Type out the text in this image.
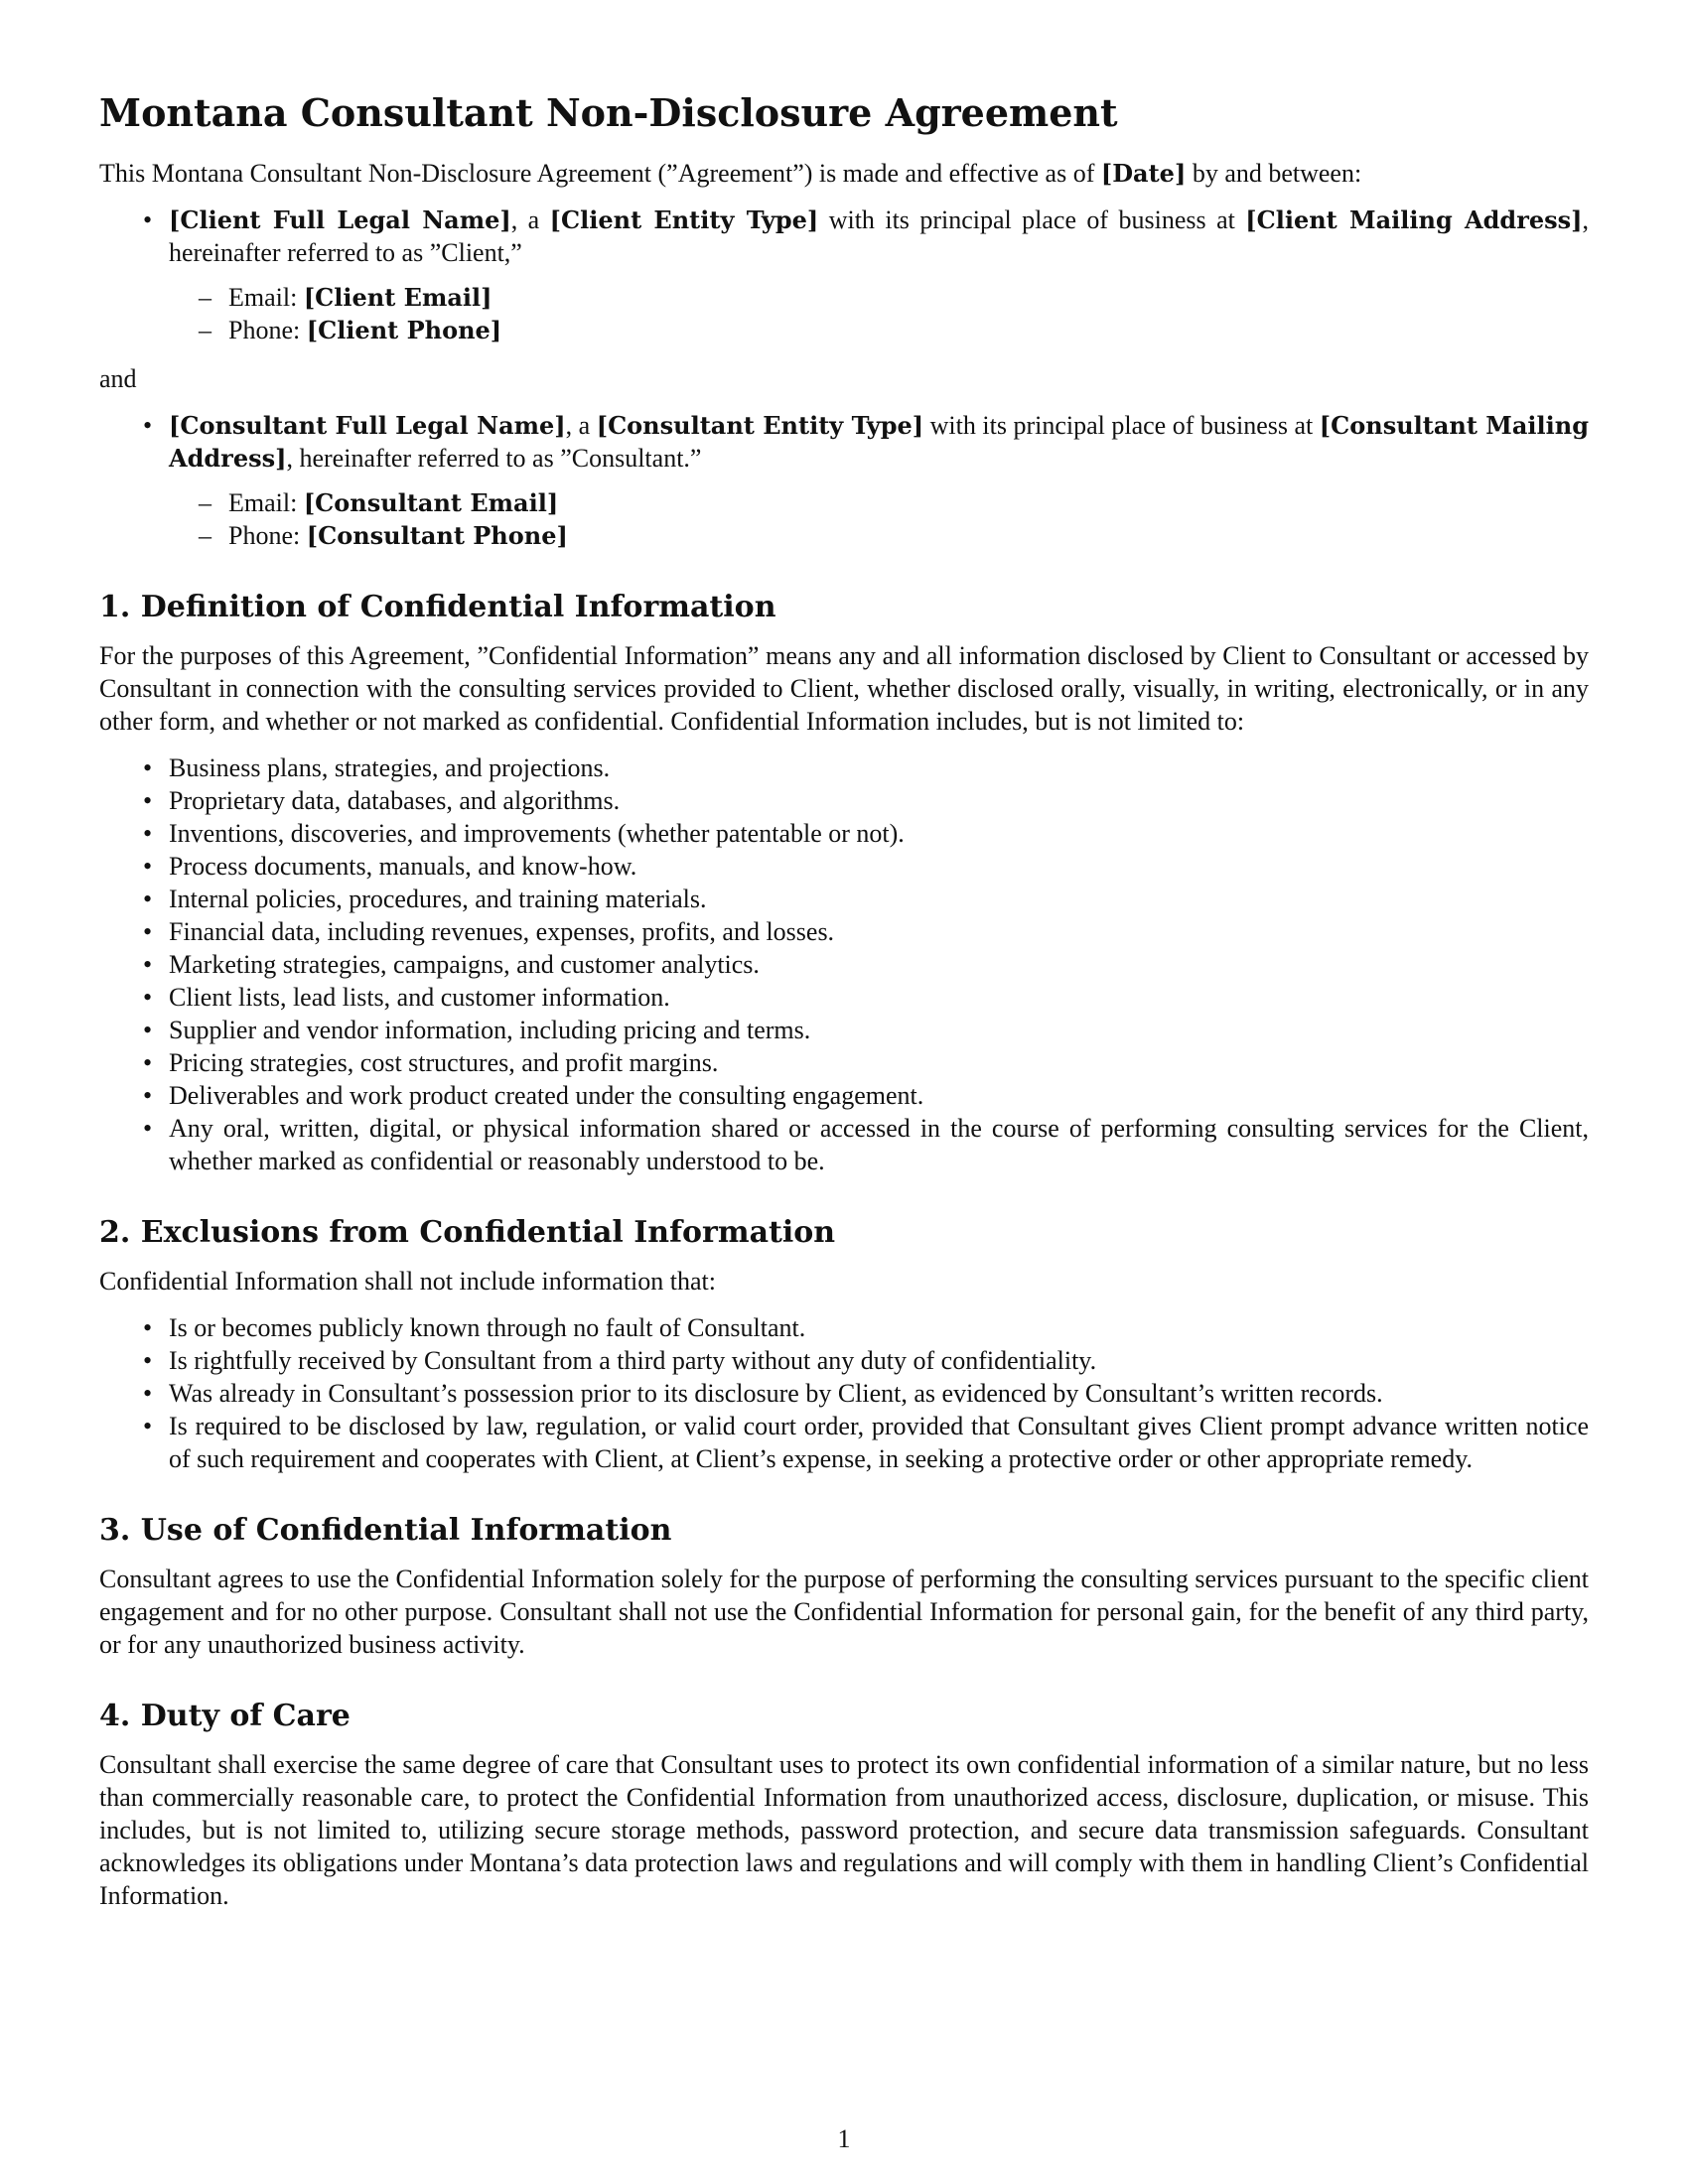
Montana Consultant Non-Disclosure Agreement

This Montana Consultant Non-Disclosure Agreement (”Agreement”) is made and effective as of [Date] by and between:

• [Client Full Legal Name], a [Client Entity Type] with its principal place of business at [Client Mailing Address], hereinafter referred to as ”Client,”
– Email: [Client Email]
– Phone: [Client Phone]

and

• [Consultant Full Legal Name], a [Consultant Entity Type] with its principal place of business at [Consultant Mailing Address], hereinafter referred to as ”Consultant.”
– Email: [Consultant Email]
– Phone: [Consultant Phone]
1. Definition of Confidential Information

For the purposes of this Agreement, ”Confidential Information” means any and all information disclosed by Client to Consultant or accessed by Consultant in connection with the consulting services provided to Client, whether disclosed orally, visually, in writing, electronically, or in any other form, and whether or not marked as confidential. Confidential Information includes, but is not limited to:

• Business plans, strategies, and projections.
• Proprietary data, databases, and algorithms.
• Inventions, discoveries, and improvements (whether patentable or not).
• Process documents, manuals, and know-how.
• Internal policies, procedures, and training materials.
• Financial data, including revenues, expenses, profits, and losses.
• Marketing strategies, campaigns, and customer analytics.
• Client lists, lead lists, and customer information.
• Supplier and vendor information, including pricing and terms.
• Pricing strategies, cost structures, and profit margins.
• Deliverables and work product created under the consulting engagement.
• Any oral, written, digital, or physical information shared or accessed in the course of performing consulting services for the Client, whether marked as confidential or reasonably understood to be.
2. Exclusions from Confidential Information

Confidential Information shall not include information that:

• Is or becomes publicly known through no fault of Consultant.
• Is rightfully received by Consultant from a third party without any duty of confidentiality.
• Was already in Consultant’s possession prior to its disclosure by Client, as evidenced by Consultant’s written records.
• Is required to be disclosed by law, regulation, or valid court order, provided that Consultant gives Client prompt advance written notice of such requirement and cooperates with Client, at Client’s expense, in seeking a protective order or other appropriate remedy.
3. Use of Confidential Information

Consultant agrees to use the Confidential Information solely for the purpose of performing the consulting services pursuant to the specific client engagement and for no other purpose. Consultant shall not use the Confidential Information for personal gain, for the benefit of any third party, or for any unauthorized business activity.

4. Duty of Care

Consultant shall exercise the same degree of care that Consultant uses to protect its own confidential information of a similar nature, but no less than commercially reasonable care, to protect the Confidential Information from unauthorized access, disclosure, duplication, or misuse. This includes, but is not limited to, utilizing secure storage methods, password protection, and secure data transmission safeguards. Consultant acknowledges its obligations under Montana’s data protection laws and regulations and will comply with them in handling Client’s Confidential Information.

1
